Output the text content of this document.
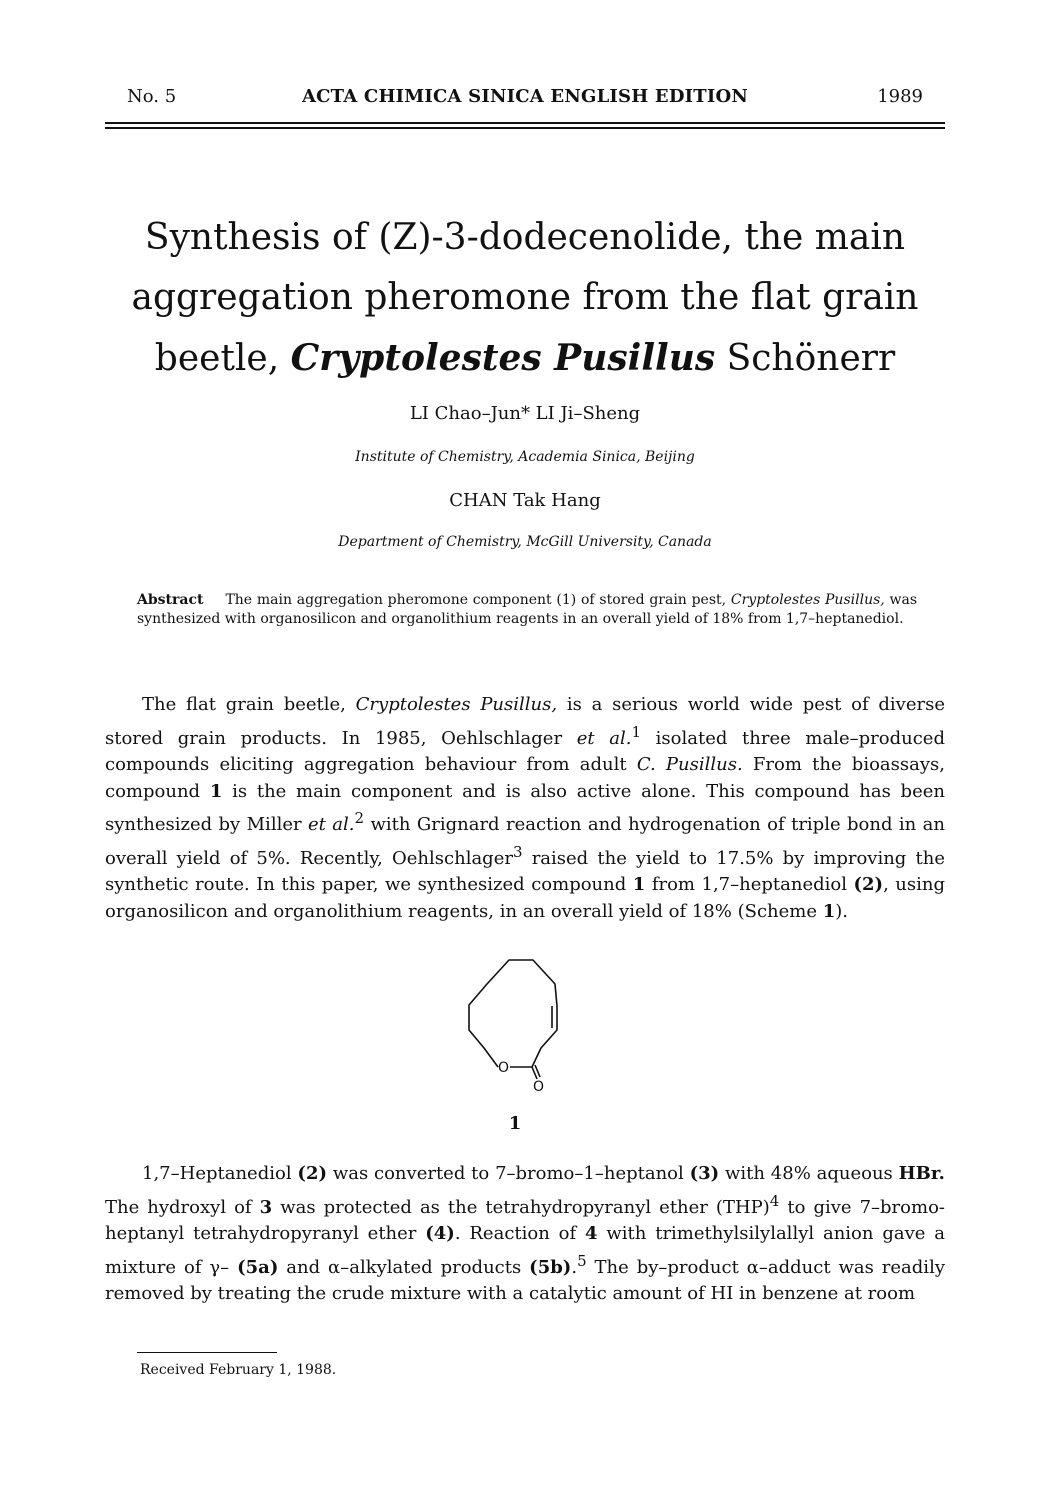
No. 5	ACTA CHIMICA SINICA ENGLISH EDITION	1989
Synthesis of (Z)-3-dodecenolide, the main
aggregation pheromone from the flat grain
beetle, Cryptolestes Pusillus Schönerr
LI Chao–Jun* LI Ji–Sheng
Institute of Chemistry, Academia Sinica, Beijing
CHAN Tak Hang
Department of Chemistry, McGill University, Canada
Abstract The main aggregation pheromone component (1) of stored grain pest, Cryptolestes Pusillus, was synthesized with organosilicon and organolithium reagents in an overall yield of 18% from 1,7–heptanediol.

The flat grain beetle, Cryptolestes Pusillus, is a serious world wide pest of diverse stored grain products. In 1985, Oehlschlager et al.$^1$ isolated three male–produced compounds eliciting aggregation behaviour from adult C. Pusillus. From the bioassays, compound 1 is the main component and is also active alone. This compound has been synthesized by Miller et al.$^2$ with Grignard reaction and hydrogenation of triple bond in an overall yield of 5%. Recently, Oehlschlager$^3$ raised the yield to 17.5% by improving the synthetic route. In this paper, we synthesized compound 1 from 1,7–heptanediol (2), using organosilicon and organolithium reagents, in an overall yield of 18% (Scheme 1).

O
O
1

1,7–Heptanediol (2) was converted to 7–bromo–1–heptanol (3) with 48% aqueous HBr. The hydroxyl of 3 was protected as the tetrahydropyranyl ether (THP)$^4$ to give 7–bromo-heptanyl tetrahydropyranyl ether (4). Reaction of 4 with trimethylsilylallyl anion gave a mixture of γ– (5a) and α–alkylated products (5b).$^5$ The by–product α–adduct was readily removed by treating the crude mixture with a catalytic amount of HI in benzene at room

Received February 1, 1988.
